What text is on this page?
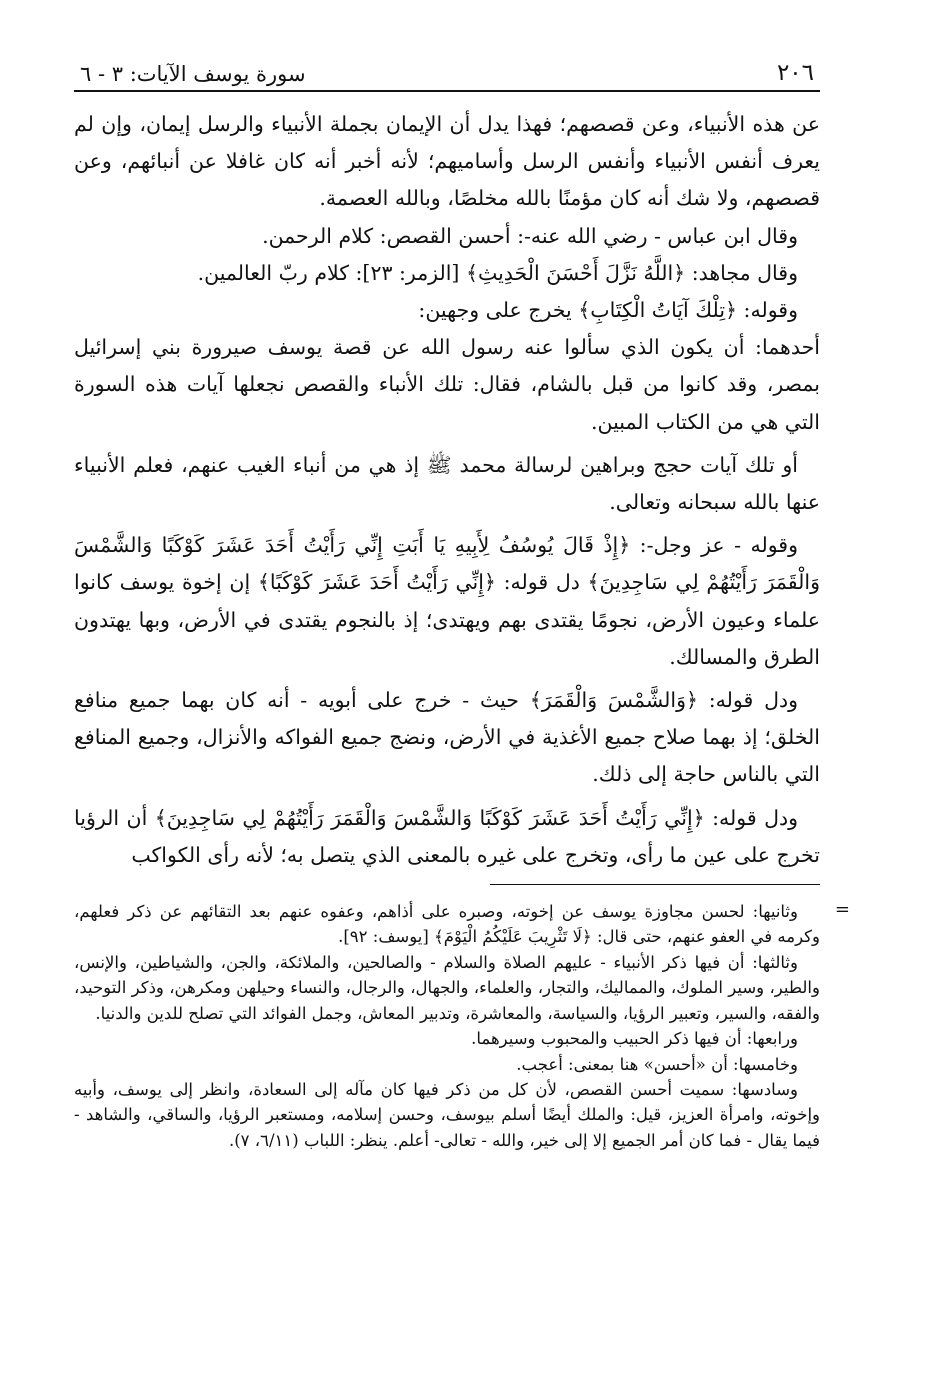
٢٠٦
سورة يوسف الآيات: ٣ - ٦

عن هذه الأنبياء، وعن قصصهم؛ فهذا يدل أن الإيمان بجملة الأنبياء والرسل إيمان، وإن لم يعرف أنفس الأنبياء وأنفس الرسل وأساميهم؛ لأنه أخبر أنه كان غافلا عن أنبائهم، وعن قصصهم، ولا شك أنه كان مؤمنًا بالله مخلصًا، وبالله العصمة.

وقال ابن عباس - رضي الله عنه-: أحسن القصص: كلام الرحمن.

وقال مجاهد: ﴿اللَّهُ نَزَّلَ أَحْسَنَ الْحَدِيثِ﴾ [الزمر: ٢٣]: كلام ربّ العالمين.

وقوله: ﴿تِلْكَ آيَاتُ الْكِتَابِ﴾ يخرج على وجهين:

أحدهما: أن يكون الذي سألوا عنه رسول الله عن قصة يوسف صيرورة بني إسرائيل بمصر، وقد كانوا من قبل بالشام، فقال: تلك الأنباء والقصص نجعلها آيات هذه السورة التي هي من الكتاب المبين.

أو تلك آيات حجج وبراهين لرسالة محمد ﷺ إذ هي من أنباء الغيب عنهم، فعلم الأنبياء عنها بالله سبحانه وتعالى.

وقوله - عز وجل-: ﴿إِذْ قَالَ يُوسُفُ لِأَبِيهِ يَا أَبَتِ إِنِّي رَأَيْتُ أَحَدَ عَشَرَ كَوْكَبًا وَالشَّمْسَ وَالْقَمَرَ رَأَيْتُهُمْ لِي سَاجِدِينَ﴾ دل قوله: ﴿إِنِّي رَأَيْتُ أَحَدَ عَشَرَ كَوْكَبًا﴾ إن إخوة يوسف كانوا علماء وعيون الأرض، نجومًا يقتدى بهم ويهتدى؛ إذ بالنجوم يقتدى في الأرض، وبها يهتدون الطرق والمسالك.

ودل قوله: ﴿وَالشَّمْسَ وَالْقَمَرَ﴾ حيث - خرج على أبويه - أنه كان بهما جميع منافع الخلق؛ إذ بهما صلاح جميع الأغذية في الأرض، ونضج جميع الفواكه والأنزال، وجميع المنافع التي بالناس حاجة إلى ذلك.

ودل قوله: ﴿إِنِّي رَأَيْتُ أَحَدَ عَشَرَ كَوْكَبًا وَالشَّمْسَ وَالْقَمَرَ رَأَيْتُهُمْ لِي سَاجِدِينَ﴾ أن الرؤيا تخرج على عين ما رأى، وتخرج على غيره بالمعنى الذي يتصل به؛ لأنه رأى الكواكب

=

وثانيها: لحسن مجاوزة يوسف عن إخوته، وصبره على أذاهم، وعفوه عنهم بعد التقائهم عن ذكر فعلهم، وكرمه في العفو عنهم، حتى قال: ﴿لَا تَثْرِيبَ عَلَيْكُمُ الْيَوْمَ﴾ [يوسف: ٩٢].

وثالثها: أن فيها ذكر الأنبياء - عليهم الصلاة والسلام - والصالحين، والملائكة، والجن، والشياطين، والإنس، والطير، وسير الملوك، والمماليك، والتجار، والعلماء، والجهال، والرجال، والنساء وحيلهن ومكرهن، وذكر التوحيد، والفقه، والسير، وتعبير الرؤيا، والسياسة، والمعاشرة، وتدبير المعاش، وجمل الفوائد التي تصلح للدين والدنيا.

ورابعها: أن فيها ذكر الحبيب والمحبوب وسيرهما.

وخامسها: أن «أحسن» هنا بمعنى: أعجب.

وسادسها: سميت أحسن القصص، لأن كل من ذكر فيها كان مآله إلى السعادة، وانظر إلى يوسف، وأبيه وإخوته، وامرأة العزيز، قيل: والملك أيضًا أسلم بيوسف، وحسن إسلامه، ومستعبر الرؤيا، والساقي، والشاهد - فيما يقال - فما كان أمر الجميع إلا إلى خير، والله - تعالى- أعلم. ينظر: اللباب (٦/١١، ٧).
